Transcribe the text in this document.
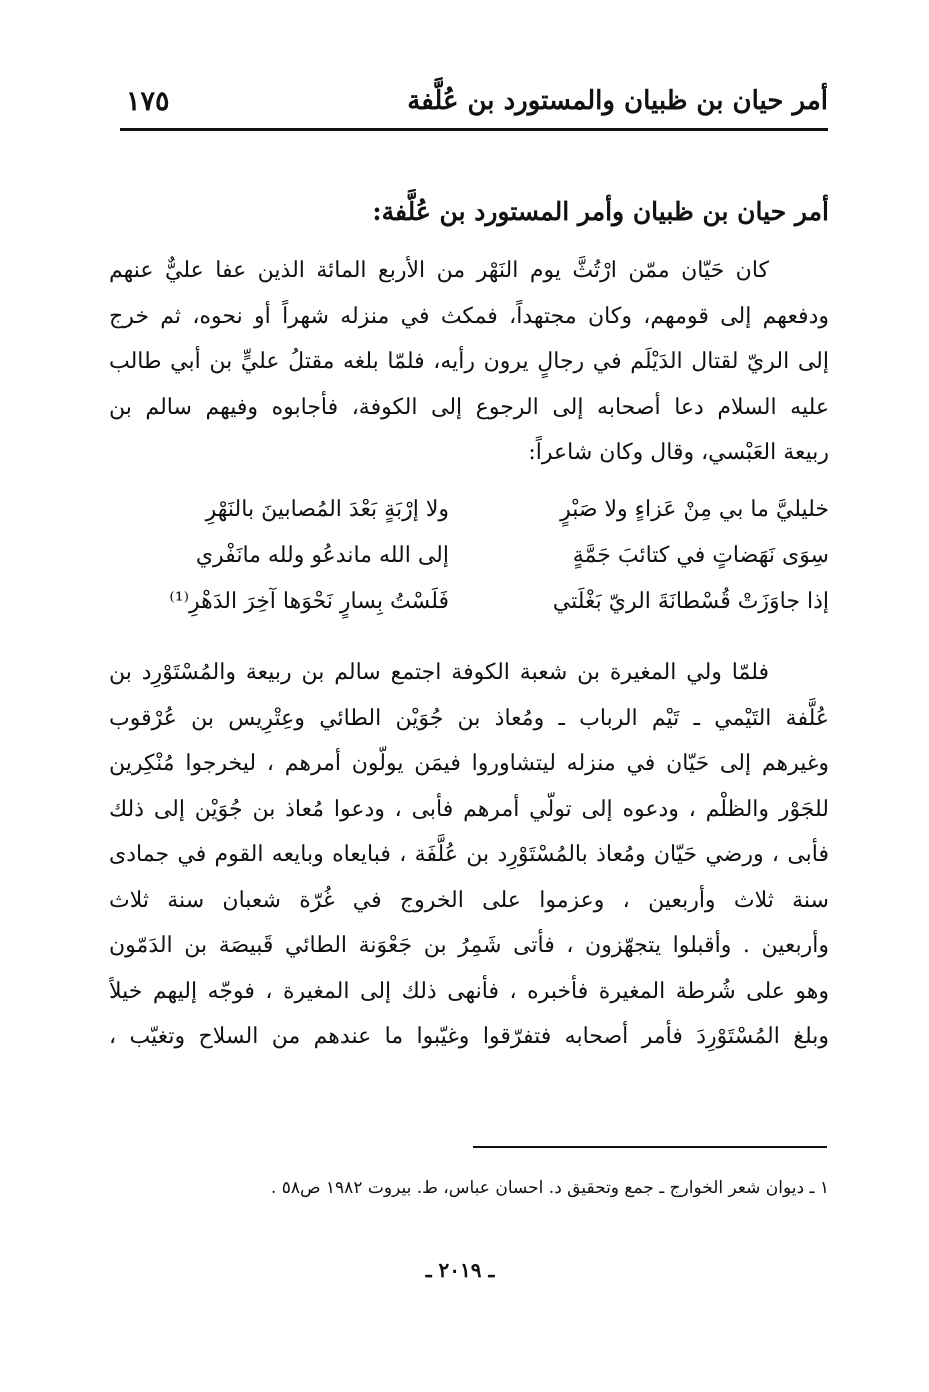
أمر حيان بن ظبيان والمستورد بن عُلَّفة
١٧٥
أمر حيان بن ظبيان وأمر المستورد بن عُلَّفة:
كان حَيّان ممّن ارْتُثَّ يوم النَهْر من الأربع المائة الذين عفا عليٌّ عنهم
ودفعهم إلى قومهم، وكان مجتهداً، فمكث في منزله شهراً أو نحوه، ثم خرج
إلى الريّ لقتال الدَيْلَم في رجالٍ يرون رأيه، فلمّا بلغه مقتلُ عليٍّ بن أبي طالب
عليه السلام دعا أصحابه إلى الرجوع إلى الكوفة، فأجابوه وفيهم سالم بن
ربيعة العَبْسي، وقال وكان شاعراً:
خليليَّ ما بي مِنْ عَزاءٍ ولا صَبْرٍ
ولا إرْبَةٍ بَعْدَ المُصابينَ بالنَهْرِ
سِوَى نَهَضاتٍ في كتائبَ جَمَّةٍ
إلى الله ماندعُو ولله مانَفْري
إذا جاوَزَتْ قُسْطانَةَ الريّ بَغْلَتي
فَلَسْتُ بِسارٍ نَحْوَها آخِرَ الدَهْرِ⁽¹⁾
فلمّا ولي المغيرة بن شعبة الكوفة اجتمع سالم بن ربيعة والمُسْتَوْرِد بن
عُلَّفة التَيْمي ـ تَيْم الرباب ـ ومُعاذ بن جُوَيْن الطائي وعِتْرِيس بن عُرْقوب
وغيرهم إلى حَيّان في منزله ليتشاوروا فيمَن يولّون أمرهم ، ليخرجوا مُنْكِرين
للجَوْر والظلْم ، ودعوه إلى تولّي أمرهم فأبى ، ودعوا مُعاذ بن جُوَيْن إلى ذلك
فأبى ، ورضي حَيّان ومُعاذ بالمُسْتَوْرِد بن عُلَّفَة ، فبايعاه وبايعه القوم في جمادى
سنة ثلاث وأربعين ، وعزموا على الخروج في غُرّة شعبان سنة ثلاث
وأربعين . وأقبلوا يتجهّزون ، فأتى شَمِرُ بن جَعْوَنة الطائي قَبيصَة بن الدَمّون
وهو على شُرطة المغيرة فأخبره ، فأنهى ذلك إلى المغيرة ، فوجّه إليهم خيلاً
وبلغ المُسْتَوْرِدَ فأمر أصحابه فتفرّقوا وغيّبوا ما عندهم من السلاح وتغيّب ،
١ ـ ديوان شعر الخوارج ـ جمع وتحقيق د. احسان عباس، ط. بيروت ١٩٨٢ ص٥٨ .
ـ ٢٠١٩ ـ
